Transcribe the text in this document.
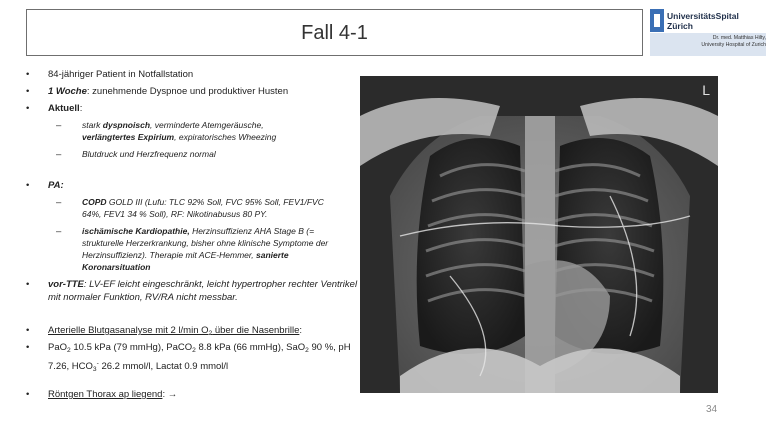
Fall 4-1
UniversitätsSpital
Zürich
Dr. med. Matthias Hilty,
University Hospital of Zurich
• 84-jähriger Patient in Notfallstation
• 1 Woche: zunehmende Dyspnoe und produktiver Husten
• Aktuell:
– stark dyspnoisch, verminderte Atemgeräusche,
verlängtertes Expirium, expiratorisches Wheezing
– Blutdruck und Herzfrequenz normal
• PA:
– COPD GOLD III (Lufu: TLC 92% Soll, FVC 95% Soll, FEV1/FVC 64%, FEV1 34 % Soll), RF: Nikotinabusus 80 PY.
– ischämische Kardiopathie, Herzinsuffizienz AHA Stage B (= strukturelle Herzerkrankung, bisher ohne klinische Symptome der Herzinsuffizienz). Therapie mit ACE-Hemmer, sanierte Koronarsituation
• vor-TTE: LV-EF leicht eingeschränkt, leicht hypertropher rechter Ventrikel mit normaler Funktion, RV/RA nicht messbar.
• Arterielle Blutgasanalyse mit 2 l/min $O_2$ über die Nasenbrille:
• PaO$_2$ 10.5 kPa (79 mmHg), PaCO$_2$ 8.8 kPa (66 mmHg), SaO$_2$ 90 %, pH 7.26, $HCO_3^-$ 26.2 mmol/l, Lactat 0.9 mmol/l
• Röntgen Thorax ap liegend: →
L
34
